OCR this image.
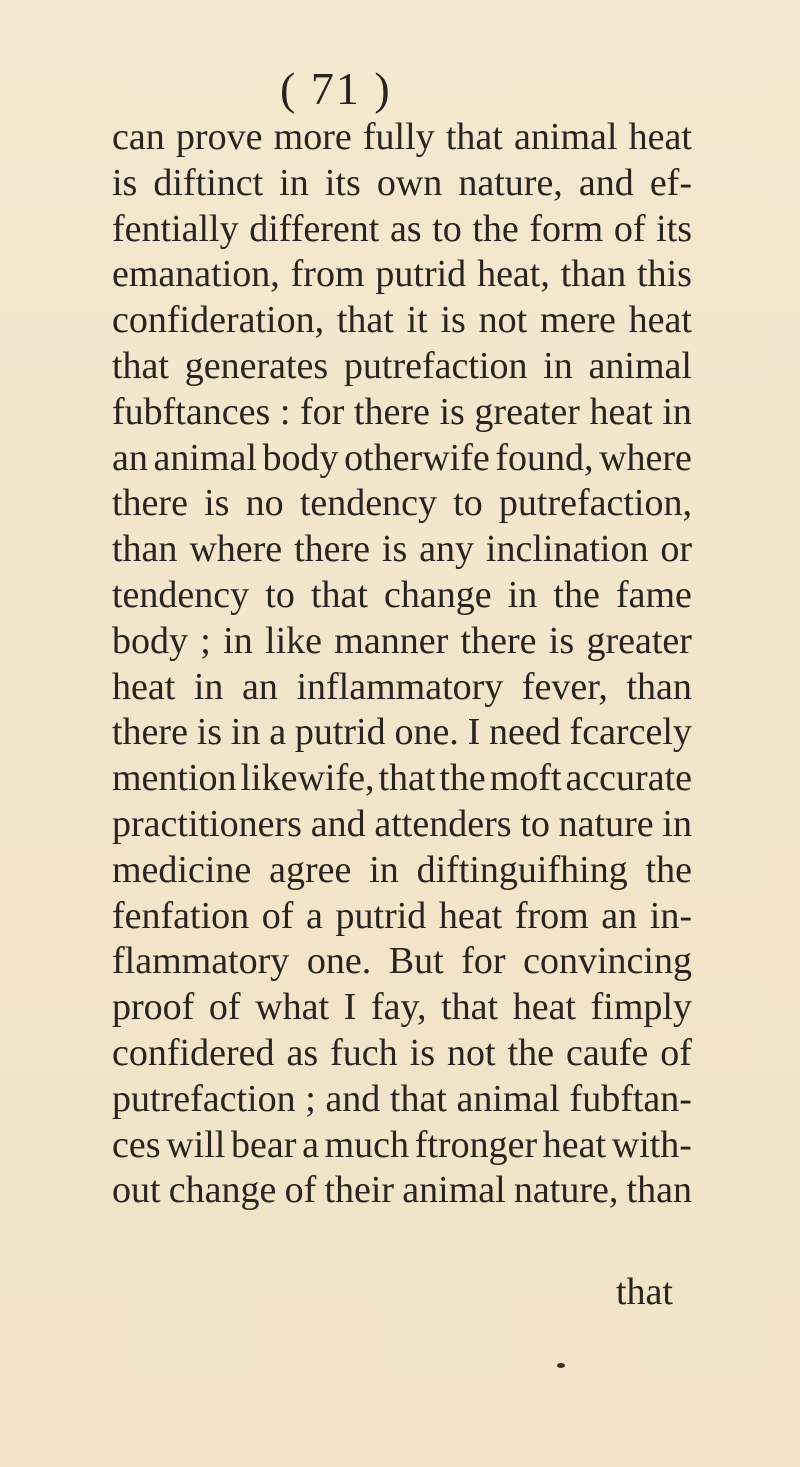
( 71 )
can prove more fully that animal heat
is diftinct in its own nature, and ef-
fentially different as to the form of its
emanation, from putrid heat, than this
confideration, that it is not mere heat
that generates putrefaction in animal
fubftances : for there is greater heat in
an animal body otherwife found, where
there is no tendency to putrefaction,
than where there is any inclination or
tendency to that change in the fame
body ; in like manner there is greater
heat in an inflammatory fever, than
there is in a putrid one. I need fcarcely
mention likewife, that the moft accurate
practitioners and attenders to nature in
medicine agree in diftinguifhing the
fenfation of a putrid heat from an in-
flammatory one. But for convincing
proof of what I fay, that heat fimply
confidered as fuch is not the caufe of
putrefaction ; and that animal fubftan-
ces will bear a much ftronger heat with-
out change of their animal nature, than
that
